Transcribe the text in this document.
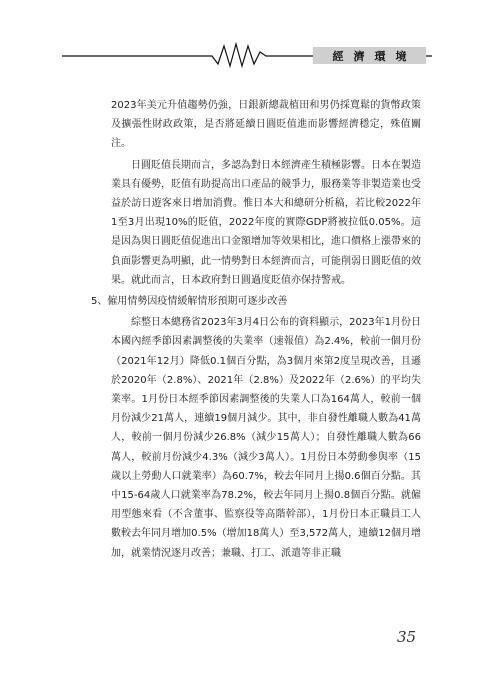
經濟環境

2023年美元升值趨勢仍強，日銀新總裁植田和男仍採寬鬆的貨幣政策及擴張性財政政策，是否將延續日圓貶值進而影響經濟穩定，殊值關注。

日圓貶值長期而言，多認為對日本經濟產生積極影響。日本在製造業具有優勢，貶值有助提高出口產品的競爭力，服務業等非製造業也受益於訪日遊客來日增加消費。惟日本大和總研分析稿，若比較2022年1至3月出現10%的貶值，2022年度的實際GDP將被拉低0.05%。這是因為與日圓貶值促進出口金額增加等效果相比，進口價格上漲帶來的負面影響更為明顯，此一情勢對日本經濟而言，可能削弱日圓貶值的效果。就此而言，日本政府對日圓過度貶值亦保持警戒。

5、僱用情勢因疫情緩解情形預期可逐步改善

綜整日本總務省2023年3月4日公布的資料顯示，2023年1月份日本國內經季節因素調整後的失業率（速報值）為2.4%，較前一個月份（2021年12月）降低0.1個百分點，為3個月來第2度呈現改善，且遜於2020年（2.8%）、2021年（2.8%）及2022年（2.6%）的平均失業率。1月份日本經季節因素調整後的失業人口為164萬人，較前一個月份減少21萬人，連續19個月減少。其中，非自發性離職人數為41萬人，較前一個月份減少26.8%（減少15萬人）；自發性離職人數為66萬人，較前月份減少4.3%（減少3萬人）。1月份日本勞動參與率（15歲以上勞動人口就業率）為60.7%，較去年同月上揚0.6個百分點。其中15-64歲人口就業率為78.2%，較去年同月上揚0.8個百分點。就僱用型態來看（不含董事、監察役等高階幹部），1月份日本正職員工人數較去年同月增加0.5%（增加18萬人）至3,572萬人，連續12個月增加，就業情況逐月改善；兼職、打工、派遣等非正職

35
